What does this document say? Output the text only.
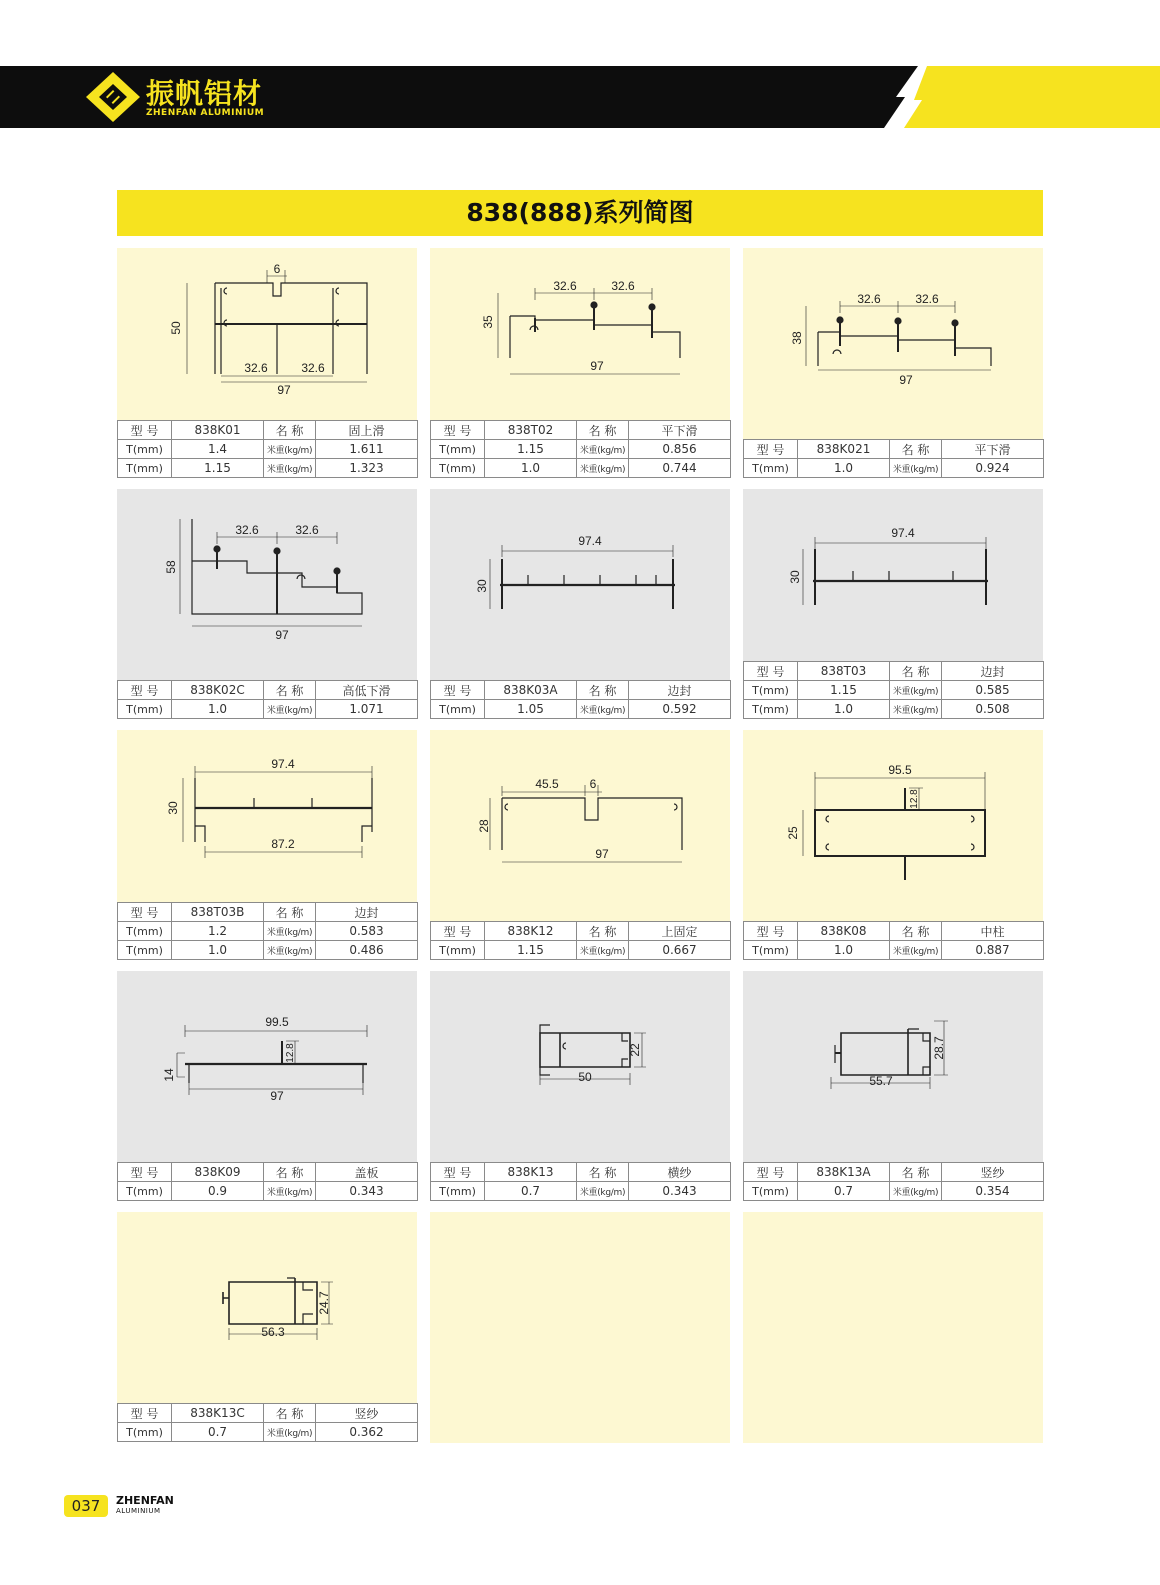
振帆铝材
ZHENFAN ALUMINIUM
838(888)系列简图
6
50
32.6	32.6
97
型 号	838K01	名 称	固上滑
T(mm)	1.4	米重(kg/m)	1.611
T(mm)	1.15	米重(kg/m)	1.323
32.6	32.6
35
97
型 号	838T02	名 称	平下滑
T(mm)	1.15	米重(kg/m)	0.856
T(mm)	1.0	米重(kg/m)	0.744
32.6	32.6
38
97
型 号	838K021	名 称	平下滑
T(mm)	1.0	米重(kg/m)	0.924
32.6	32.6
58
97
型 号	838K02C	名 称	高低下滑
T(mm)	1.0	米重(kg/m)	1.071
97.4
30
型 号	838K03A	名 称	边封
T(mm)	1.05	米重(kg/m)	0.592
97.4
30
型 号	838T03	名 称	边封
T(mm)	1.15	米重(kg/m)	0.585
T(mm)	1.0	米重(kg/m)	0.508
97.4
30
87.2
型 号	838T03B	名 称	边封
T(mm)	1.2	米重(kg/m)	0.583
T(mm)	1.0	米重(kg/m)	0.486
45.5	6
28
97
型 号	838K12	名 称	上固定
T(mm)	1.15	米重(kg/m)	0.667
95.5
12.8
25
型 号	838K08	名 称	中柱
T(mm)	1.0	米重(kg/m)	0.887
99.5
12.8
14
97
型 号	838K09	名 称	盖板
T(mm)	0.9	米重(kg/m)	0.343
22
50
型 号	838K13	名 称	横纱
T(mm)	0.7	米重(kg/m)	0.343
28.7
55.7
型 号	838K13A	名 称	竖纱
T(mm)	0.7	米重(kg/m)	0.354
24.7
56.3
型 号	838K13C	名 称	竖纱
T(mm)	0.7	米重(kg/m)	0.362
037	ZHENFAN
ALUMINIUM
